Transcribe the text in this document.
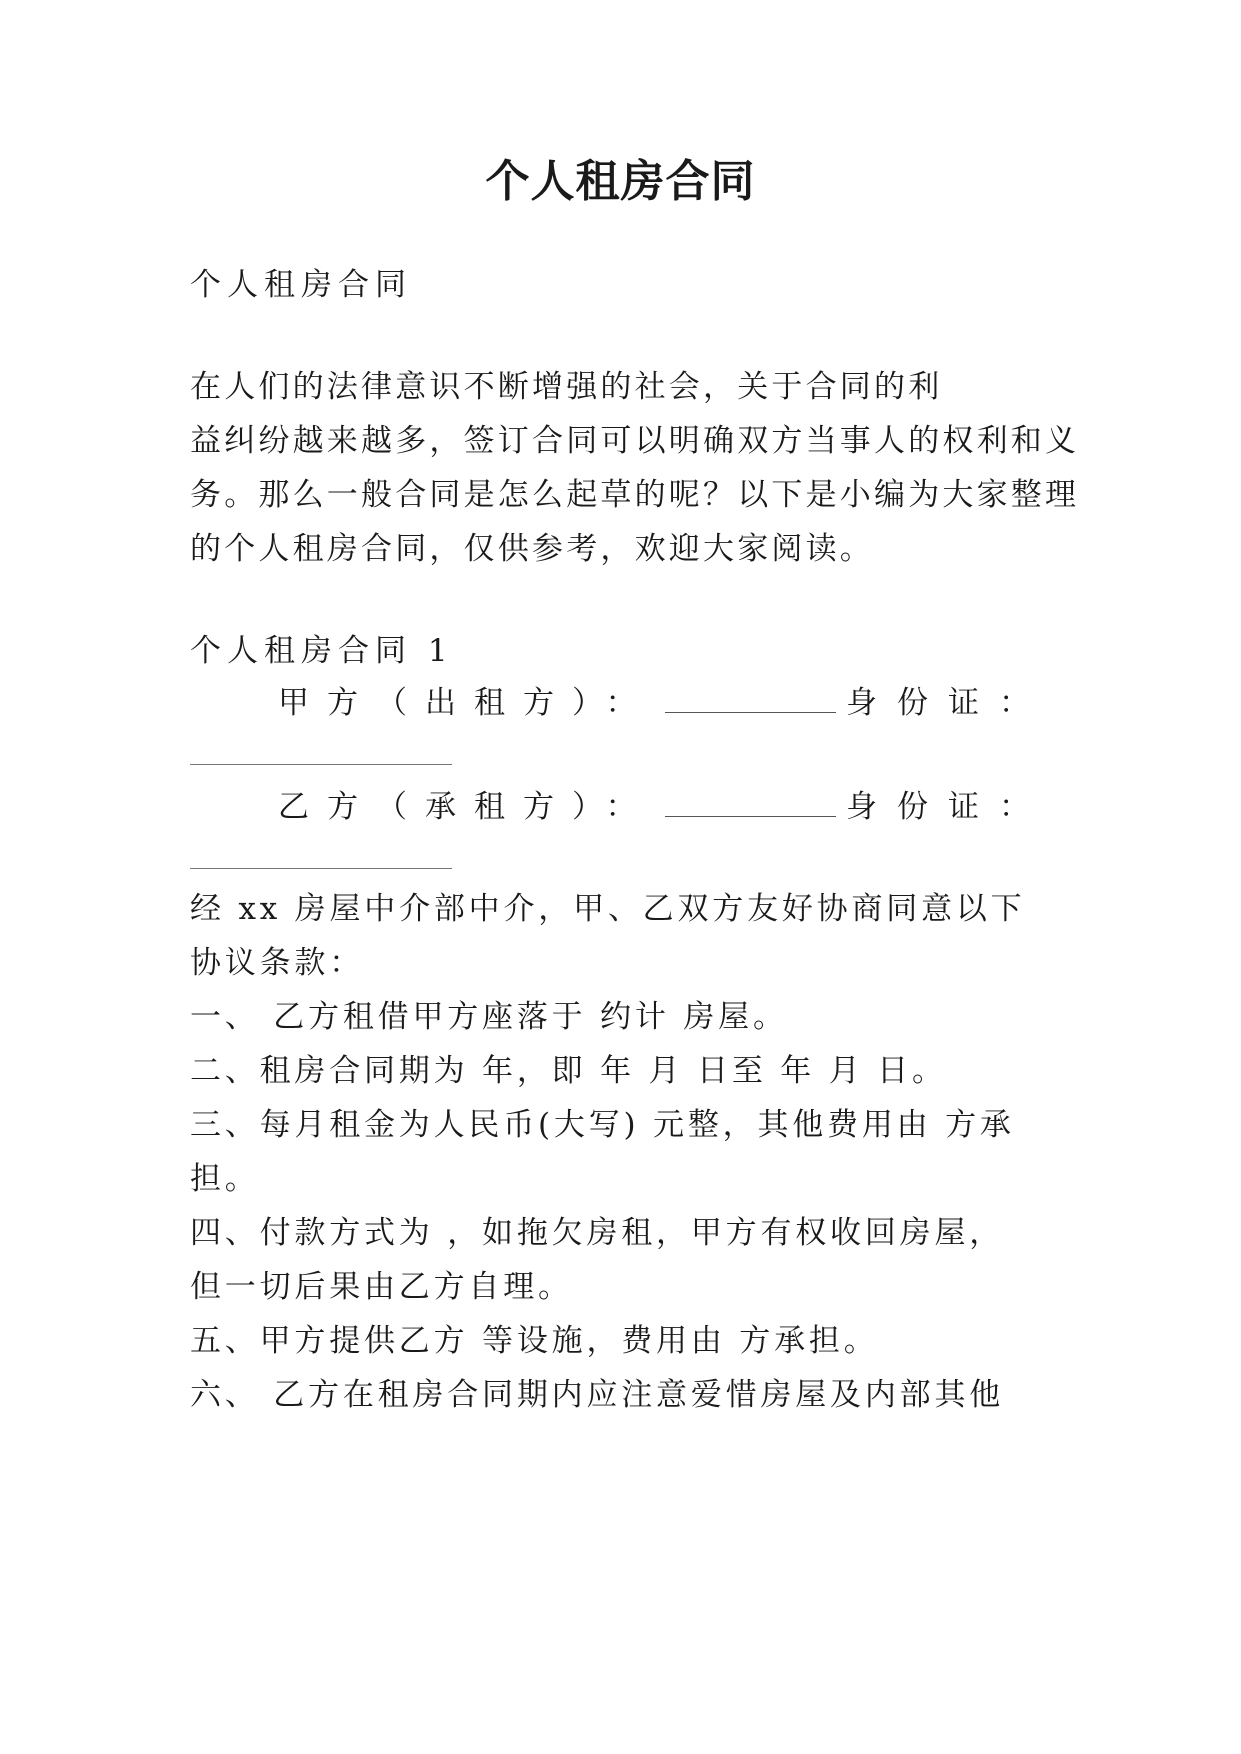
个人租房合同

个人租房合同

在人们的法律意识不断增强的社会，关于合同的利

益纠纷越来越多，签订合同可以明确双方当事人的权利和义

务。那么一般合同是怎么起草的呢？以下是小编为大家整理

的个人租房合同，仅供参考，欢迎大家阅读。

个人租房合同 1

甲方（出租方）：	身份证：
乙方（承租方）：	身份证：

经 xx 房屋中介部中介，甲、乙双方友好协商同意以下

协议条款：

一、 乙方租借甲方座落于 约计 房屋。

二、租房合同期为 年，即 年 月 日至 年 月 日。

三、每月租金为人民币(大写) 元整，其他费用由 方承

担。

四、付款方式为 ，如拖欠房租，甲方有权收回房屋，

但一切后果由乙方自理。

五、甲方提供乙方 等设施，费用由 方承担。

六、 乙方在租房合同期内应注意爱惜房屋及内部其他
